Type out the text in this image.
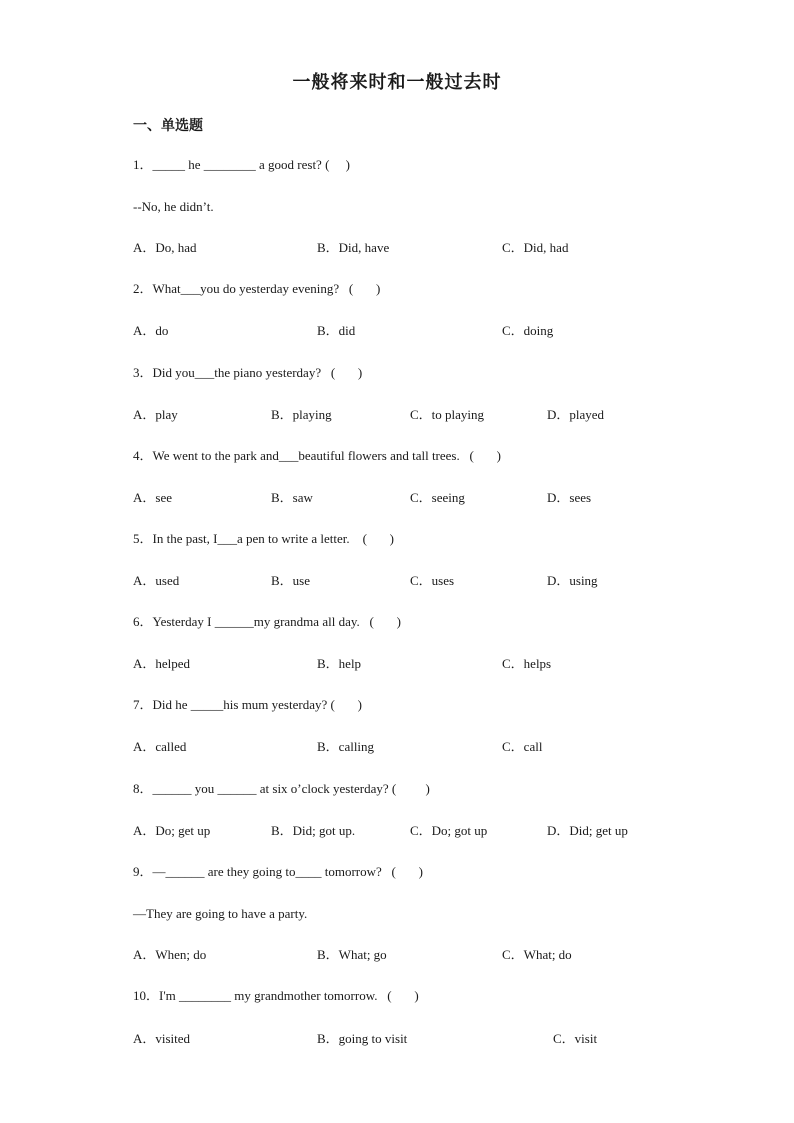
一般将来时和一般过去时
一、单选题
1．_____ he ________ a good rest? (     )
--No, he didn’t.
A．Do, had	B．Did, have	C．Did, had
2．What___you do yesterday evening?   (       )
A．do	B．did	C．doing
3．Did you___the piano yesterday?   (       )
A．play	B．playing	C．to playing	D．played
4．We went to the park and___beautiful flowers and tall trees.   (       )
A．see	B．saw	C．seeing	D．sees
5．In the past, I___a pen to write a letter.    (       )
A．used	B．use	C．uses	D．using
6．Yesterday I ______my grandma all day.   (       )
A．helped	B．help	C．helps
7．Did he _____his mum yesterday? (       )
A．called	B．calling	C．call
8．______ you ______ at six o’clock yesterday? (         )
A．Do; get up	B．Did; got up.	C．Do; got up	D．Did; get up
9．—______ are they going to____ tomorrow?   (       )
—They are going to have a party.
A．When; do	B．What; go	C．What; do
10．I'm ________ my grandmother tomorrow.   (       )
A．visited	B．going to visit	C．visit
